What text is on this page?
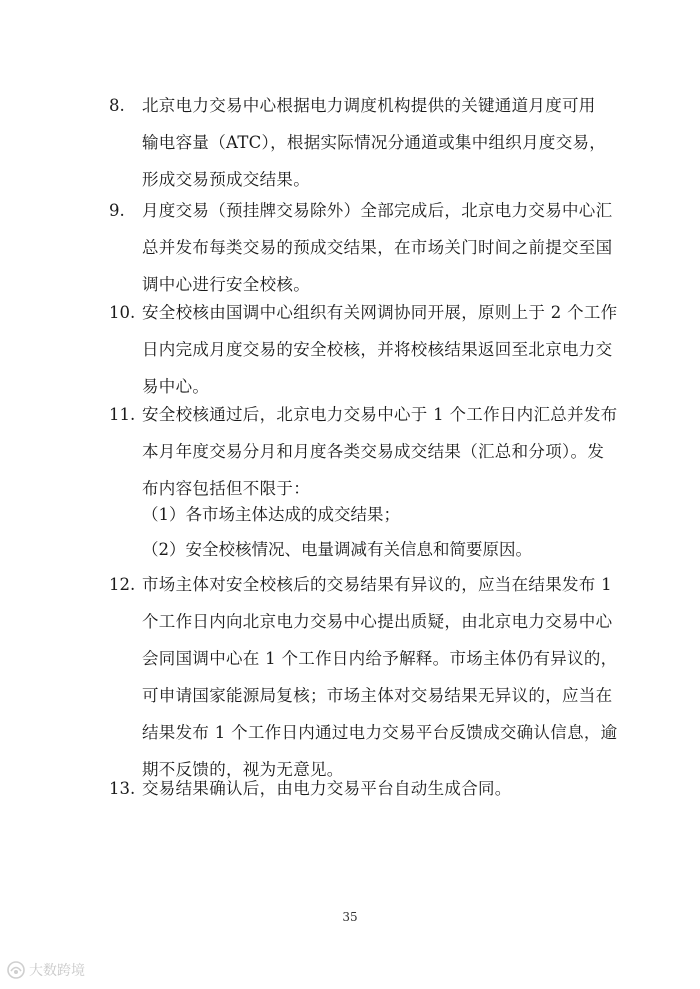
8. 北京电力交易中心根据电力调度机构提供的关键通道月度可用
输电容量（ATC），根据实际情况分通道或集中组织月度交易，
形成交易预成交结果。
9. 月度交易（预挂牌交易除外）全部完成后，北京电力交易中心汇
总并发布每类交易的预成交结果，在市场关门时间之前提交至国
调中心进行安全校核。
10. 安全校核由国调中心组织有关网调协同开展，原则上于 2 个工作
日内完成月度交易的安全校核，并将校核结果返回至北京电力交
易中心。
11. 安全校核通过后，北京电力交易中心于 1 个工作日内汇总并发布
本月年度交易分月和月度各类交易成交结果（汇总和分项）。发
布内容包括但不限于：
（1）各市场主体达成的成交结果；
（2）安全校核情况、电量调减有关信息和简要原因。
12. 市场主体对安全校核后的交易结果有异议的，应当在结果发布 1
个工作日内向北京电力交易中心提出质疑，由北京电力交易中心
会同国调中心在 1 个工作日内给予解释。市场主体仍有异议的，
可申请国家能源局复核；市场主体对交易结果无异议的，应当在
结果发布 1 个工作日内通过电力交易平台反馈成交确认信息，逾
期不反馈的，视为无意见。
13. 交易结果确认后，由电力交易平台自动生成合同。
35
大数跨境
